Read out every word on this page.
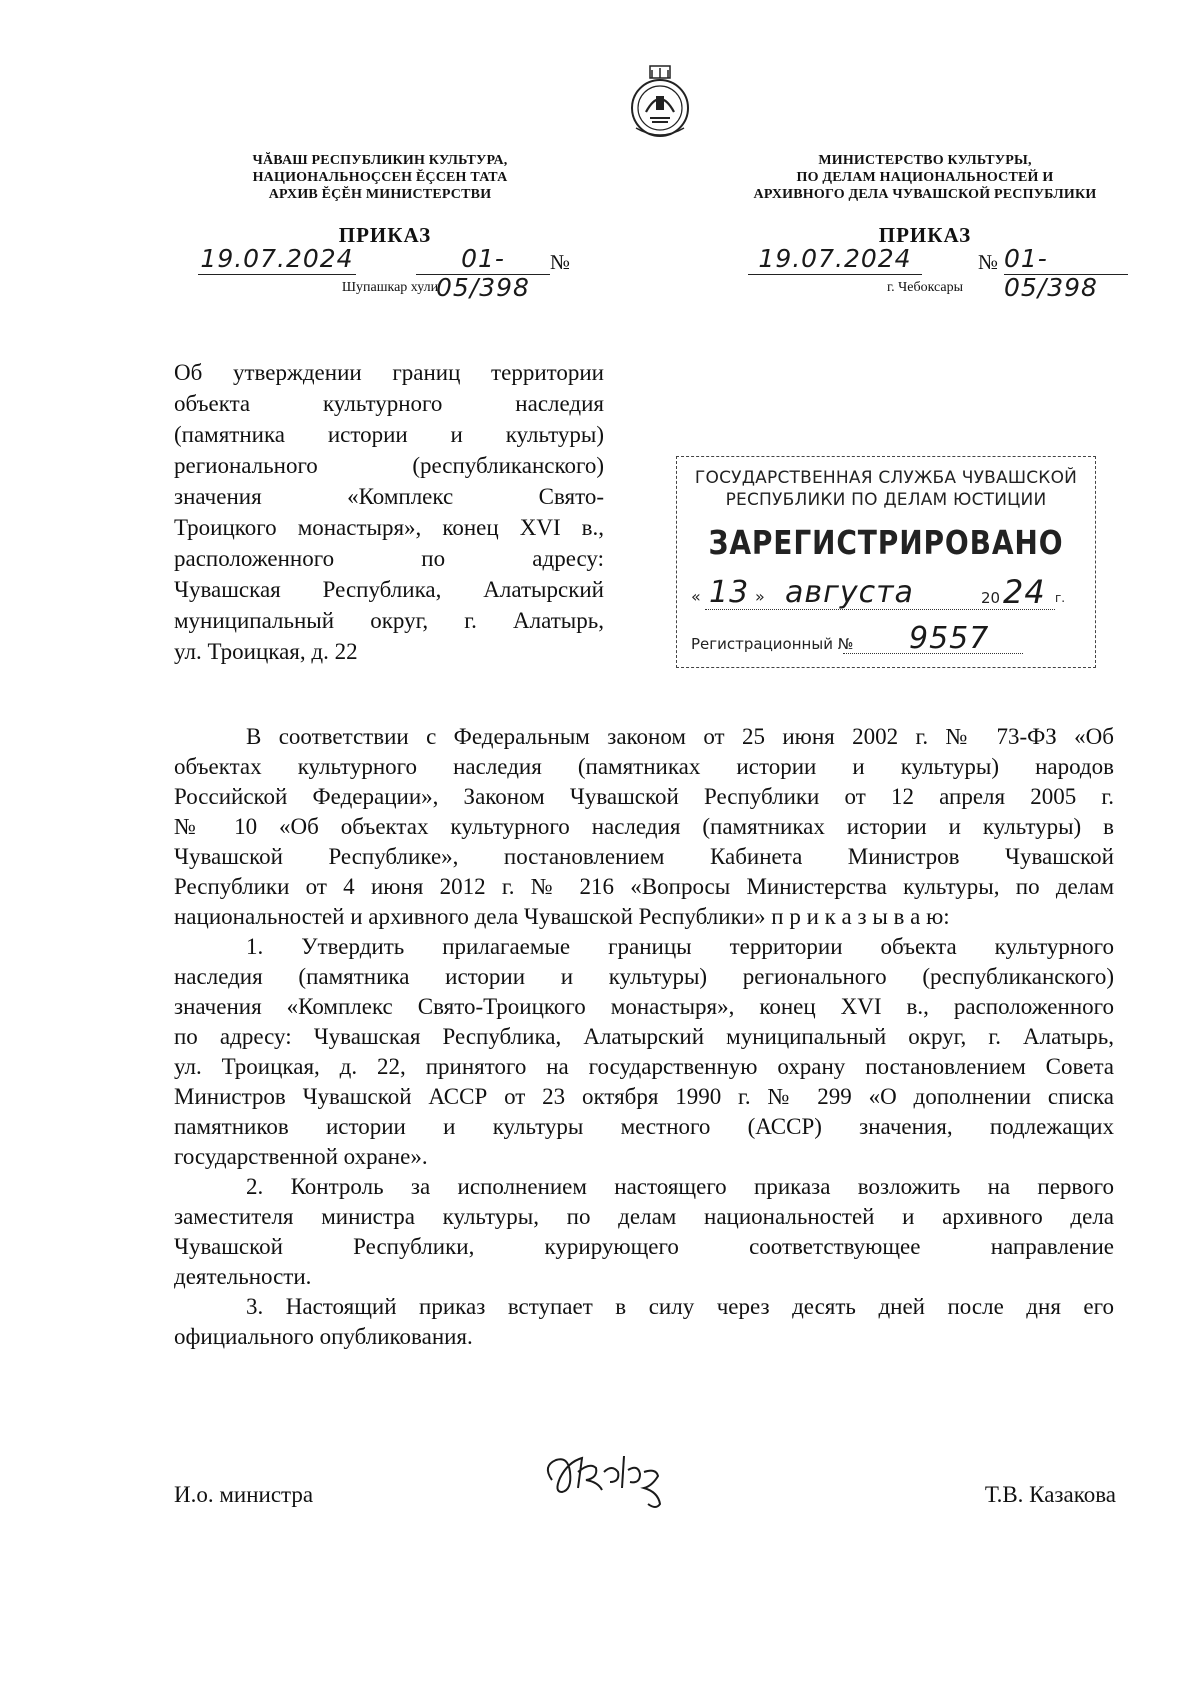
ЧĂВАШ РЕСПУБЛИКИН КУЛЬТУРА,
НАЦИОНАЛЬНОÇСЕН ĔÇСЕН ТАТА
АРХИВ ĔÇĔН МИНИСТЕРСТВИ
ПРИКАЗ
19.07.2024	01-05/398
№
Шупашкар хули
МИНИСТЕРСТВО КУЛЬТУРЫ,
ПО ДЕЛАМ НАЦИОНАЛЬНОСТЕЙ И
АРХИВНОГО ДЕЛА ЧУВАШСКОЙ РЕСПУБЛИКИ
ПРИКАЗ
19.07.2024	№ 01-05/398
г. Чебоксары
Об утверждении границ территории
объекта культурного наследия
(памятника истории и культуры)
регионального (республиканского)
значения «Комплекс Свято-
Троицкого монастыря», конец XVI в.,
расположенного по адресу:
Чувашская Республика, Алатырский
муниципальный округ, г. Алатырь,
ул. Троицкая, д. 22
ГОСУДАРСТВЕННАЯ СЛУЖБА ЧУВАШСКОЙ
РЕСПУБЛИКИ ПО ДЕЛАМ ЮСТИЦИИ
ЗАРЕГИСТРИРОВАНО
« 13 » августа	20 24 г.
Регистрационный № 9557
В соответствии с Федеральным законом от 25 июня 2002 г. № 73-ФЗ «Об
объектах культурного наследия (памятниках истории и культуры) народов
Российской Федерации», Законом Чувашской Республики от 12 апреля 2005 г.
№ 10 «Об объектах культурного наследия (памятниках истории и культуры) в
Чувашской Республике», постановлением Кабинета Министров Чувашской
Республики от 4 июня 2012 г. № 216 «Вопросы Министерства культуры, по делам
национальностей и архивного дела Чувашской Республики» п р и к а з ы в а ю:
1. Утвердить прилагаемые границы территории объекта культурного
наследия (памятника истории и культуры) регионального (республиканского)
значения «Комплекс Свято-Троицкого монастыря», конец XVI в., расположенного
по адресу: Чувашская Республика, Алатырский муниципальный округ, г. Алатырь,
ул. Троицкая, д. 22, принятого на государственную охрану постановлением Совета
Министров Чувашской АССР от 23 октября 1990 г. № 299 «О дополнении списка
памятников истории и культуры местного (АССР) значения, подлежащих
государственной охране».
2. Контроль за исполнением настоящего приказа возложить на первого
заместителя министра культуры, по делам национальностей и архивного дела
Чувашской Республики, курирующего соответствующее направление
деятельности.
3. Настоящий приказ вступает в силу через десять дней после дня его
официального опубликования.
И.о. министра	Т.В. Казакова
